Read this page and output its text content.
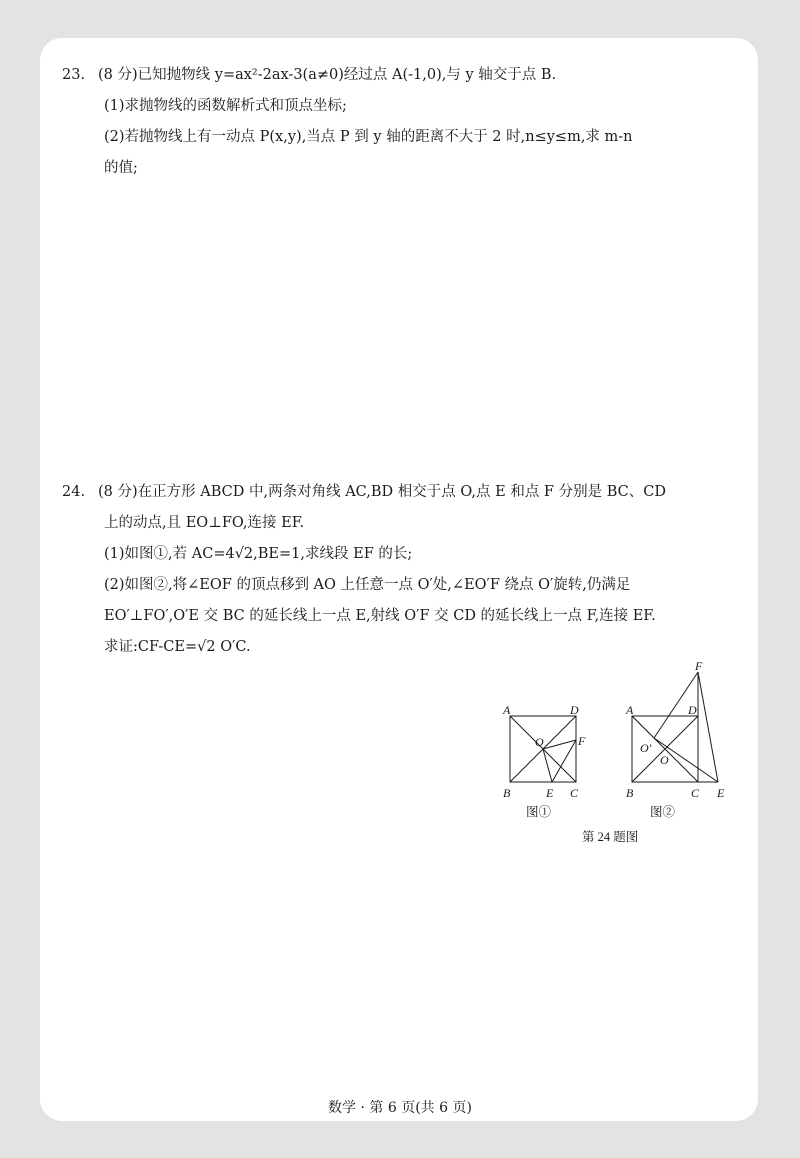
23. (8 分)已知抛物线 y=ax²-2ax-3(a≠0)经过点 A(-1,0),与 y 轴交于点 B.

(1)求抛物线的函数解析式和顶点坐标;

(2)若抛物线上有一动点 P(x,y),当点 P 到 y 轴的距离不大于 2 时,n≤y≤m,求 m-n

的值;

24. (8 分)在正方形 ABCD 中,两条对角线 AC,BD 相交于点 O,点 E 和点 F 分别是 BC、CD

上的动点,且 EO⊥FO,连接 EF.

(1)如图①,若 AC=4√2,BE=1,求线段 EF 的长;

(2)如图②,将∠EOF 的顶点移到 AO 上任意一点 O′处,∠EO′F 绕点 O′旋转,仍满足

EO′⊥FO′,O′E 交 BC 的延长线上一点 E,射线 O′F 交 CD 的延长线上一点 F,连接 EF.

求证:CF-CE=√2 O′C.

A	D
B	C
O
E
F
A	D
B	C
O′
O
E
F
图①	图②
第 24 题图
数学 · 第 6 页(共 6 页)
